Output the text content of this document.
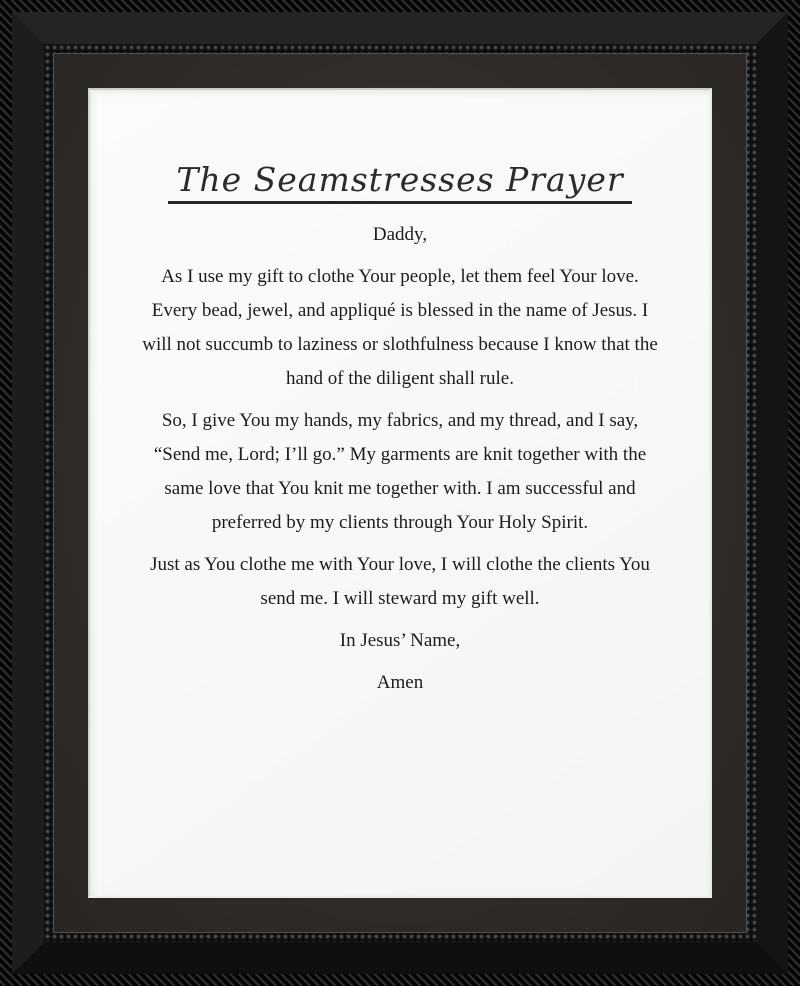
The Seamstresses Prayer

Daddy,

As I use my gift to clothe Your people, let them feel Your love. Every bead, jewel, and appliqué is blessed in the name of Jesus. I will not succumb to laziness or slothfulness because I know that the hand of the diligent shall rule.

So, I give You my hands, my fabrics, and my thread, and I say, “Send me, Lord; I’ll go.” My garments are knit together with the same love that You knit me together with. I am successful and preferred by my clients through Your Holy Spirit.

Just as You clothe me with Your love, I will clothe the clients You send me. I will steward my gift well.

In Jesus’ Name,

Amen
